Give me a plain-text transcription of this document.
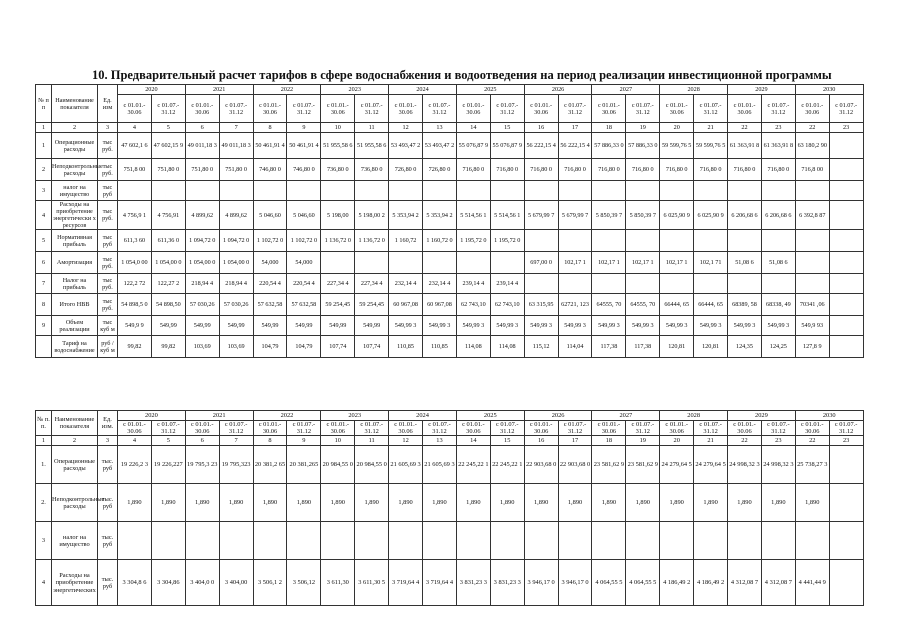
10. Предварительный расчет тарифов в сфере водоснабжения и водоотведения на период реализации инвестиционной программы
№ п п	Наименование показателя	Ед. изм	2020		2021		2022		2023		2024		2025		2026		2027		2028		2029		2030	
			с 01.01.- 30.06	с 01.07.- 31.12	с 01.01.- 30.06	с 01.07.- 31.12	с 01.01.- 30.06	с 01.07.- 31.12	с 01.01.- 30.06	с 01.07.- 31.12	с 01.01.- 30.06	с 01.07.- 31.12	с 01.01.- 30.06	с 01.07.- 31.12	с 01.01.- 30.06	с 01.07.- 31.12	с 01.01.- 30.06	с 01.07.- 31.12	с 01.01.- 30.06	с 01.07.- 31.12	с 01.01.- 30.06	с 01.07.- 31.12	с 01.01.- 30.06	с 01.07.- 31.12
1	2	3	4	5	6	7	8	9	10	11	12	13	14	15	16	17	18	19	20	21	22	23	22	23
1	Операционные расходы	тыс руб.	47 602,1 6	47 602,15 9	49 011,18 3	49 011,18 3	50 461,91 4	50 461,91 4	51 955,58 6	51 955,58 6	53 493,47 2	53 493,47 2	55 076,87 9	55 076,87 9	56 222,15 4	56 222,15 4	57 886,33 0	57 886,33 0	59 599,76 5	59 599,76 5	61 363,91 8	61 363,91 8	63 180,2 90	
2	Неподконтрольные расходы	тыс руб.	751,8 00	751,80 0	751,80 0	751,80 0	746,80 0	746,80 0	736,80 0	736,80 0	726,80 0	726,80 0	716,80 0	716,80 0	716,80 0	716,80 0	716,80 0	716,80 0	716,80 0	716,80 0	716,80 0	716,80 0	716,8 00	
3	налог на имущество	тыс руб																						
4	Расходы на приобретение энергетически х ресурсов	тыс руб.	4 756,9 1	4 756,91	4 899,62	4 899,62	5 046,60	5 046,60	5 198,00	5 198,00 2	5 353,94 2	5 353,94 2	5 514,56 1	5 514,56 1	5 679,99 7	5 679,99 7	5 850,39 7	5 850,39 7	6 025,90 9	6 025,90 9	6 206,68 6	6 206,68 6	6 392,8 87	
5	Нормативная прибыль	тыс руб	611,3 60	611,36 0	1 094,72 0	1 094,72 0	1 102,72 0	1 102,72 0	1 136,72 0	1 136,72 0	1 160,72	1 160,72 0	1 195,72 0	1 195,72 0										
6	Амортизация	тыс руб.	1 054,0 00	1 054,00 0	1 054,00 0	1 054,00 0	54,000	54,000							697,00 0	102,17 1	102,17 1	102,17 1	102,17 1	102,1 71	51,08 6	51,08 6		
7	Налог на прибыль	тыс руб.	122,2 72	122,27 2	218,94 4	218,94 4	220,54 4	220,54 4	227,34 4	227,34 4	232,14 4	232,14 4	239,14 4	239,14 4										
8	Итого НВВ	тыс руб.	54 898,5 0	54 898,50	57 030,26	57 030,26	57 632,58	57 632,58	59 254,45	59 254,45	60 967,08	60 967,08	62 743,10	62 743,10	63 315,95	62721, 123	64555, 70	64555, 70	66444, 65	66444, 65	68389, 58	68338, 49	70341 ,06	
9	Объем реализации	тыс куб м	549,9 9	549,99	549,99	549,99	549,99	549,99	549,99	549,99	549,99 3	549,99 3	549,99 3	549,99 3	549,99 3	549,99 3	549,99 3	549,99 3	549,99 3	549,99 3	549,99 3	549,99 3	549,9 93	
	Тариф на водоснабжение	руб /куб м	99,82	99,82	103,69	103,69	104,79	104,79	107,74	107,74	110,85	110,85	114,08	114,08	115,12	114,04	117,38	117,38	120,81	120,81	124,35	124,25	127,8 9	
№ п. п.	Наименование показателя	Ед. изм.	2020		2021		2022		2023		2024		2025		2026		2027		2028		2029		2030	
			с 01.01.- 30.06	с 01.07.- 31.12	с 01.01.- 30.06	с 01.07.- 31.12	с 01.01.- 30.06	с 01.07.- 31.12	с 01.01.- 30.06	с 01.07.- 31.12	с 01.01.- 30.06	с 01.07.- 31.12	с 01.01.- 30.06	с 01.07.- 31.12	с 01.01.- 30.06	с 01.07.- 31.12	с 01.01.- 30.06	с 01.07.- 31.12	с 01.01.- 30.06	с 01.07.- 31.12	с 01.01.- 30.06	с 01.07.- 31.12	с 01.01.- 30.06	с 01.07.- 31.12
1	2	3	4	5	6	7	8	9	10	11	12	13	14	15	16	17	18	19	20	21	22	23	22	23
1.	Операционные расходы	тыс. руб	19 226,2 3	19 226,227	19 795,3 23	19 795,323	20 381,2 65	20 381,265	20 984,55 0	20 984,55 0	21 605,69 3	21 605,69 3	22 245,22 1	22 245,22 1	22 903,68 0	22 903,68 0	23 581,62 9	23 581,62 9	24 279,64 5	24 279,64 5	24 998,32 3	24 998,32 3	25 738,27 3	
2.	Неподконтрольные расходы	тыс. руб	1,890	1,890	1,890	1,890	1,890	1,890	1,890	1,890	1,890	1,890	1,890	1,890	1,890	1,890	1,890	1,890	1,890	1,890	1,890	1,890	1,890	
3	налог на имущество	тыс. руб																						
4	Расходы на приобретение энергетических	тыс. руб	3 304,8 6	3 304,86	3 404,0 0	3 404,00	3 506,1 2	3 506,12	3 611,30	3 611,30 5	3 719,64 4	3 719,64 4	3 831,23 3	3 831,23 3	3 946,17 0	3 946,17 0	4 064,55 5	4 064,55 5	4 186,49 2	4 186,49 2	4 312,08 7	4 312,08 7	4 441,44 9	
